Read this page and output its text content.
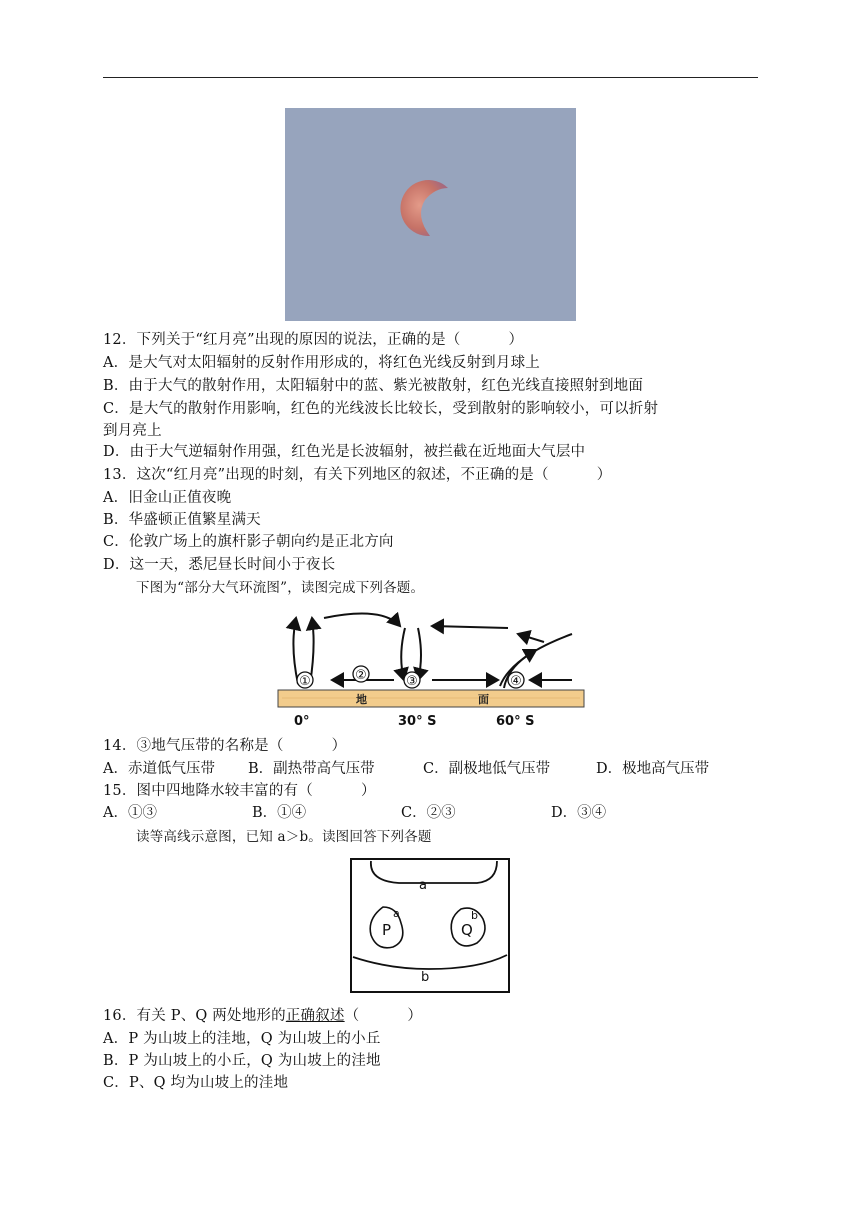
12．下列关于“红月亮”出现的原因的说法，正确的是（	）
A．是大气对太阳辐射的反射作用形成的，将红色光线反射到月球上
B．由于大气的散射作用，太阳辐射中的蓝、紫光被散射，红色光线直接照射到地面
C．是大气的散射作用影响，红色的光线波长比较长，受到散射的影响较小，可以折射
到月亮上
D．由于大气逆辐射作用强，红色光是长波辐射，被拦截在近地面大气层中
13．这次“红月亮”出现的时刻，有关下列地区的叙述，不正确的是（	）
A．旧金山正值夜晚
B．华盛顿正值繁星满天
C．伦敦广场上的旗杆影子朝向约是正北方向
D．这一天，悉尼昼长时间小于夜长
下图为“部分大气环流图”，读图完成下列各题。
①	②	③	④
地	面
0°	30° S	60° S
14．③地气压带的名称是（	）
A．赤道低气压带 B．副热带高气压带	C．副极地低气压带	D．极地高气压带
15．图中四地降水较丰富的有（	）
A．①③	B．①④	C．②③	D．③④
读等高线示意图，已知 a＞b。读图回答下列各题
a
b
a	b
P	Q
16．有关 P、Q 两处地形的正确叙述（	）
A．P 为山坡上的洼地，Q 为山坡上的小丘
B．P 为山坡上的小丘，Q 为山坡上的洼地
C．P、Q 均为山坡上的洼地
